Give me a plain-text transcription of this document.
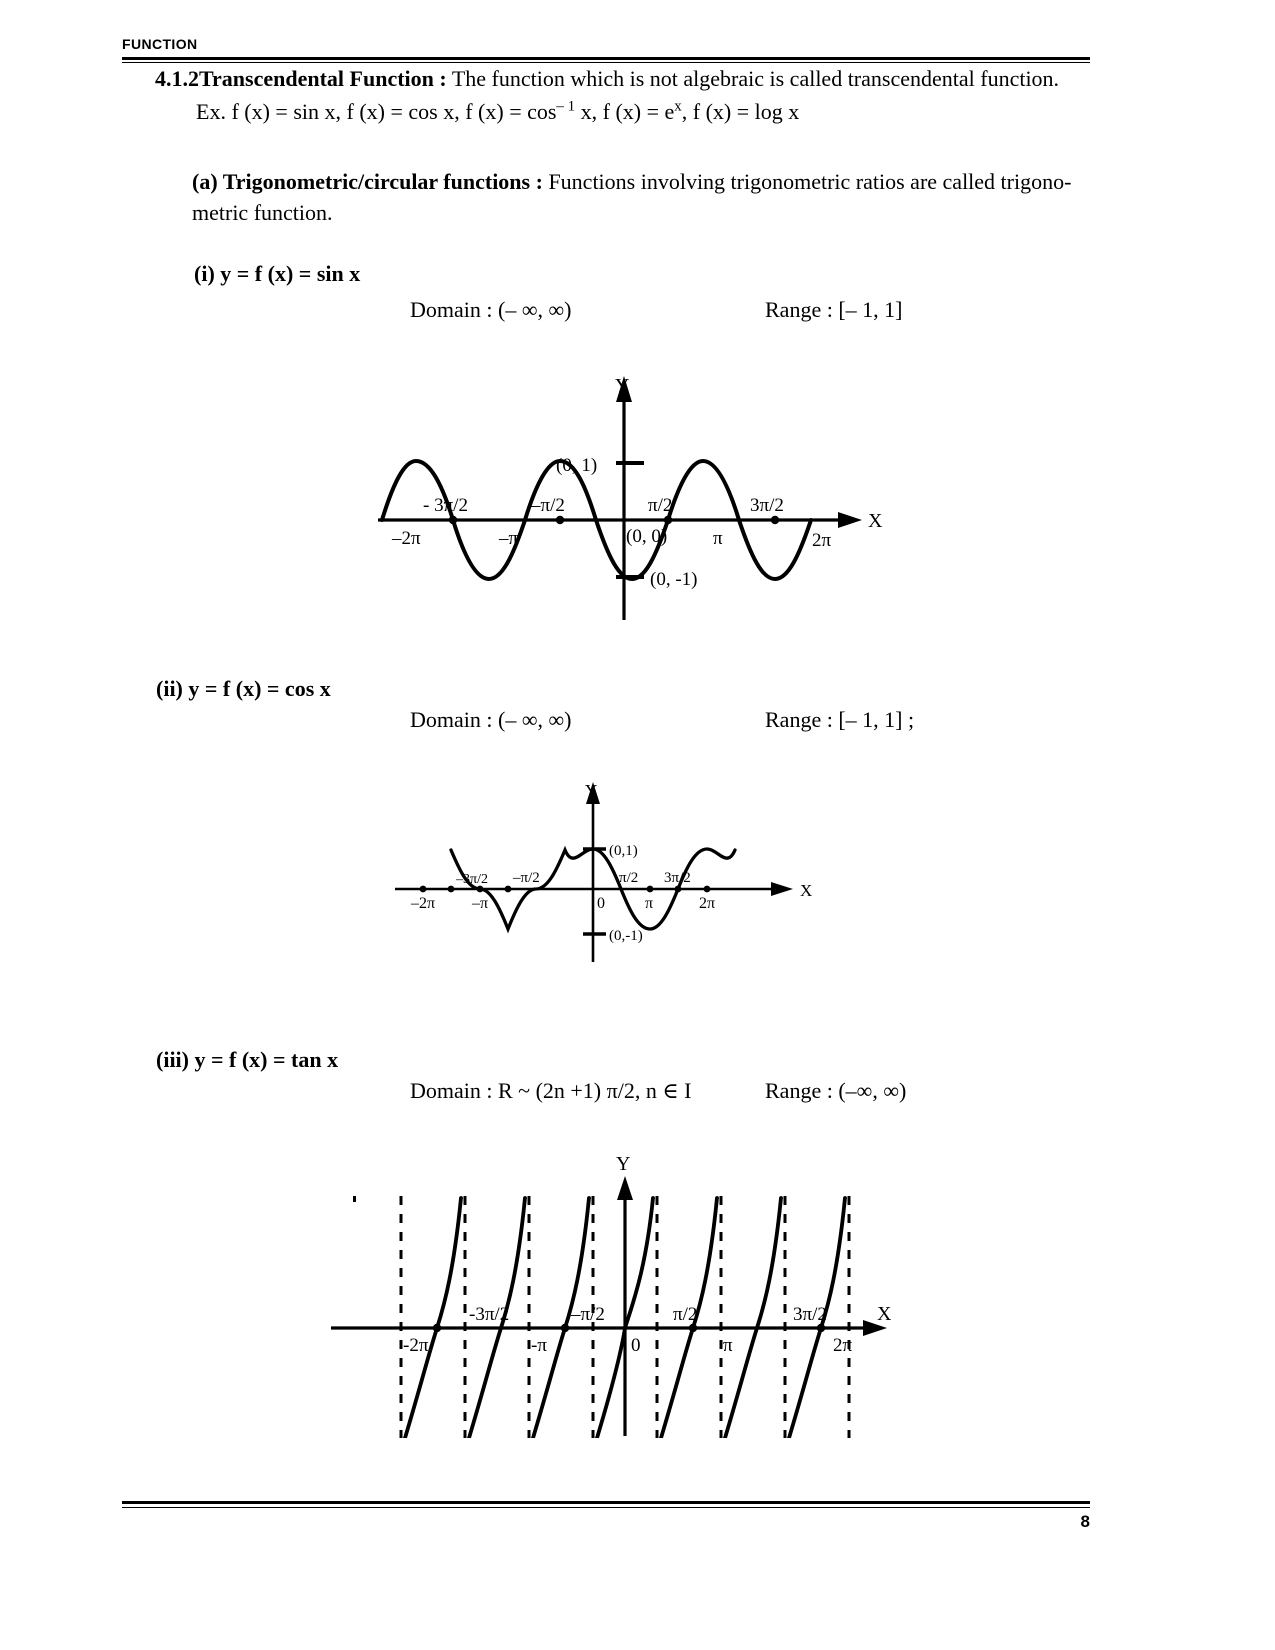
FUNCTION
4.1.2Transcendental Function : The function which is not algebraic is called transcendental function.
Ex. f (x) = sin x, f (x) = cos x, f $(x) = \cos^{- 1} x$, f $(x) = e^x$, f (x) = log x
(a) Trigonometric/circular functions : Functions involving trigonometric ratios are called trigono-metric function.
(i) y = f (x) = sin x
Domain : (– ∞, ∞)	Range : [– 1, 1]
X
Y
- 3π/2	–π/2	π/2	3π/2
–2π	–π	π	2π
(0, 1)
(0, 0)
(0, -1)
(ii) y = f (x) = cos x
Domain : (– ∞, ∞)	Range : [– 1, 1] ;
X
Y
–3π/2 –π/2	π/2 3π/2
–2π –π	0	π	2π
(0,1)
(0,-1)
(iii) y = f (x) = tan x
Domain : R ~ (2n +1) π/2, n ∈ I	Range : (–∞, ∞)
X
Y
-3π/2	–π/2	π/2	3π/2
-2π	-π	0	π	2π
8
